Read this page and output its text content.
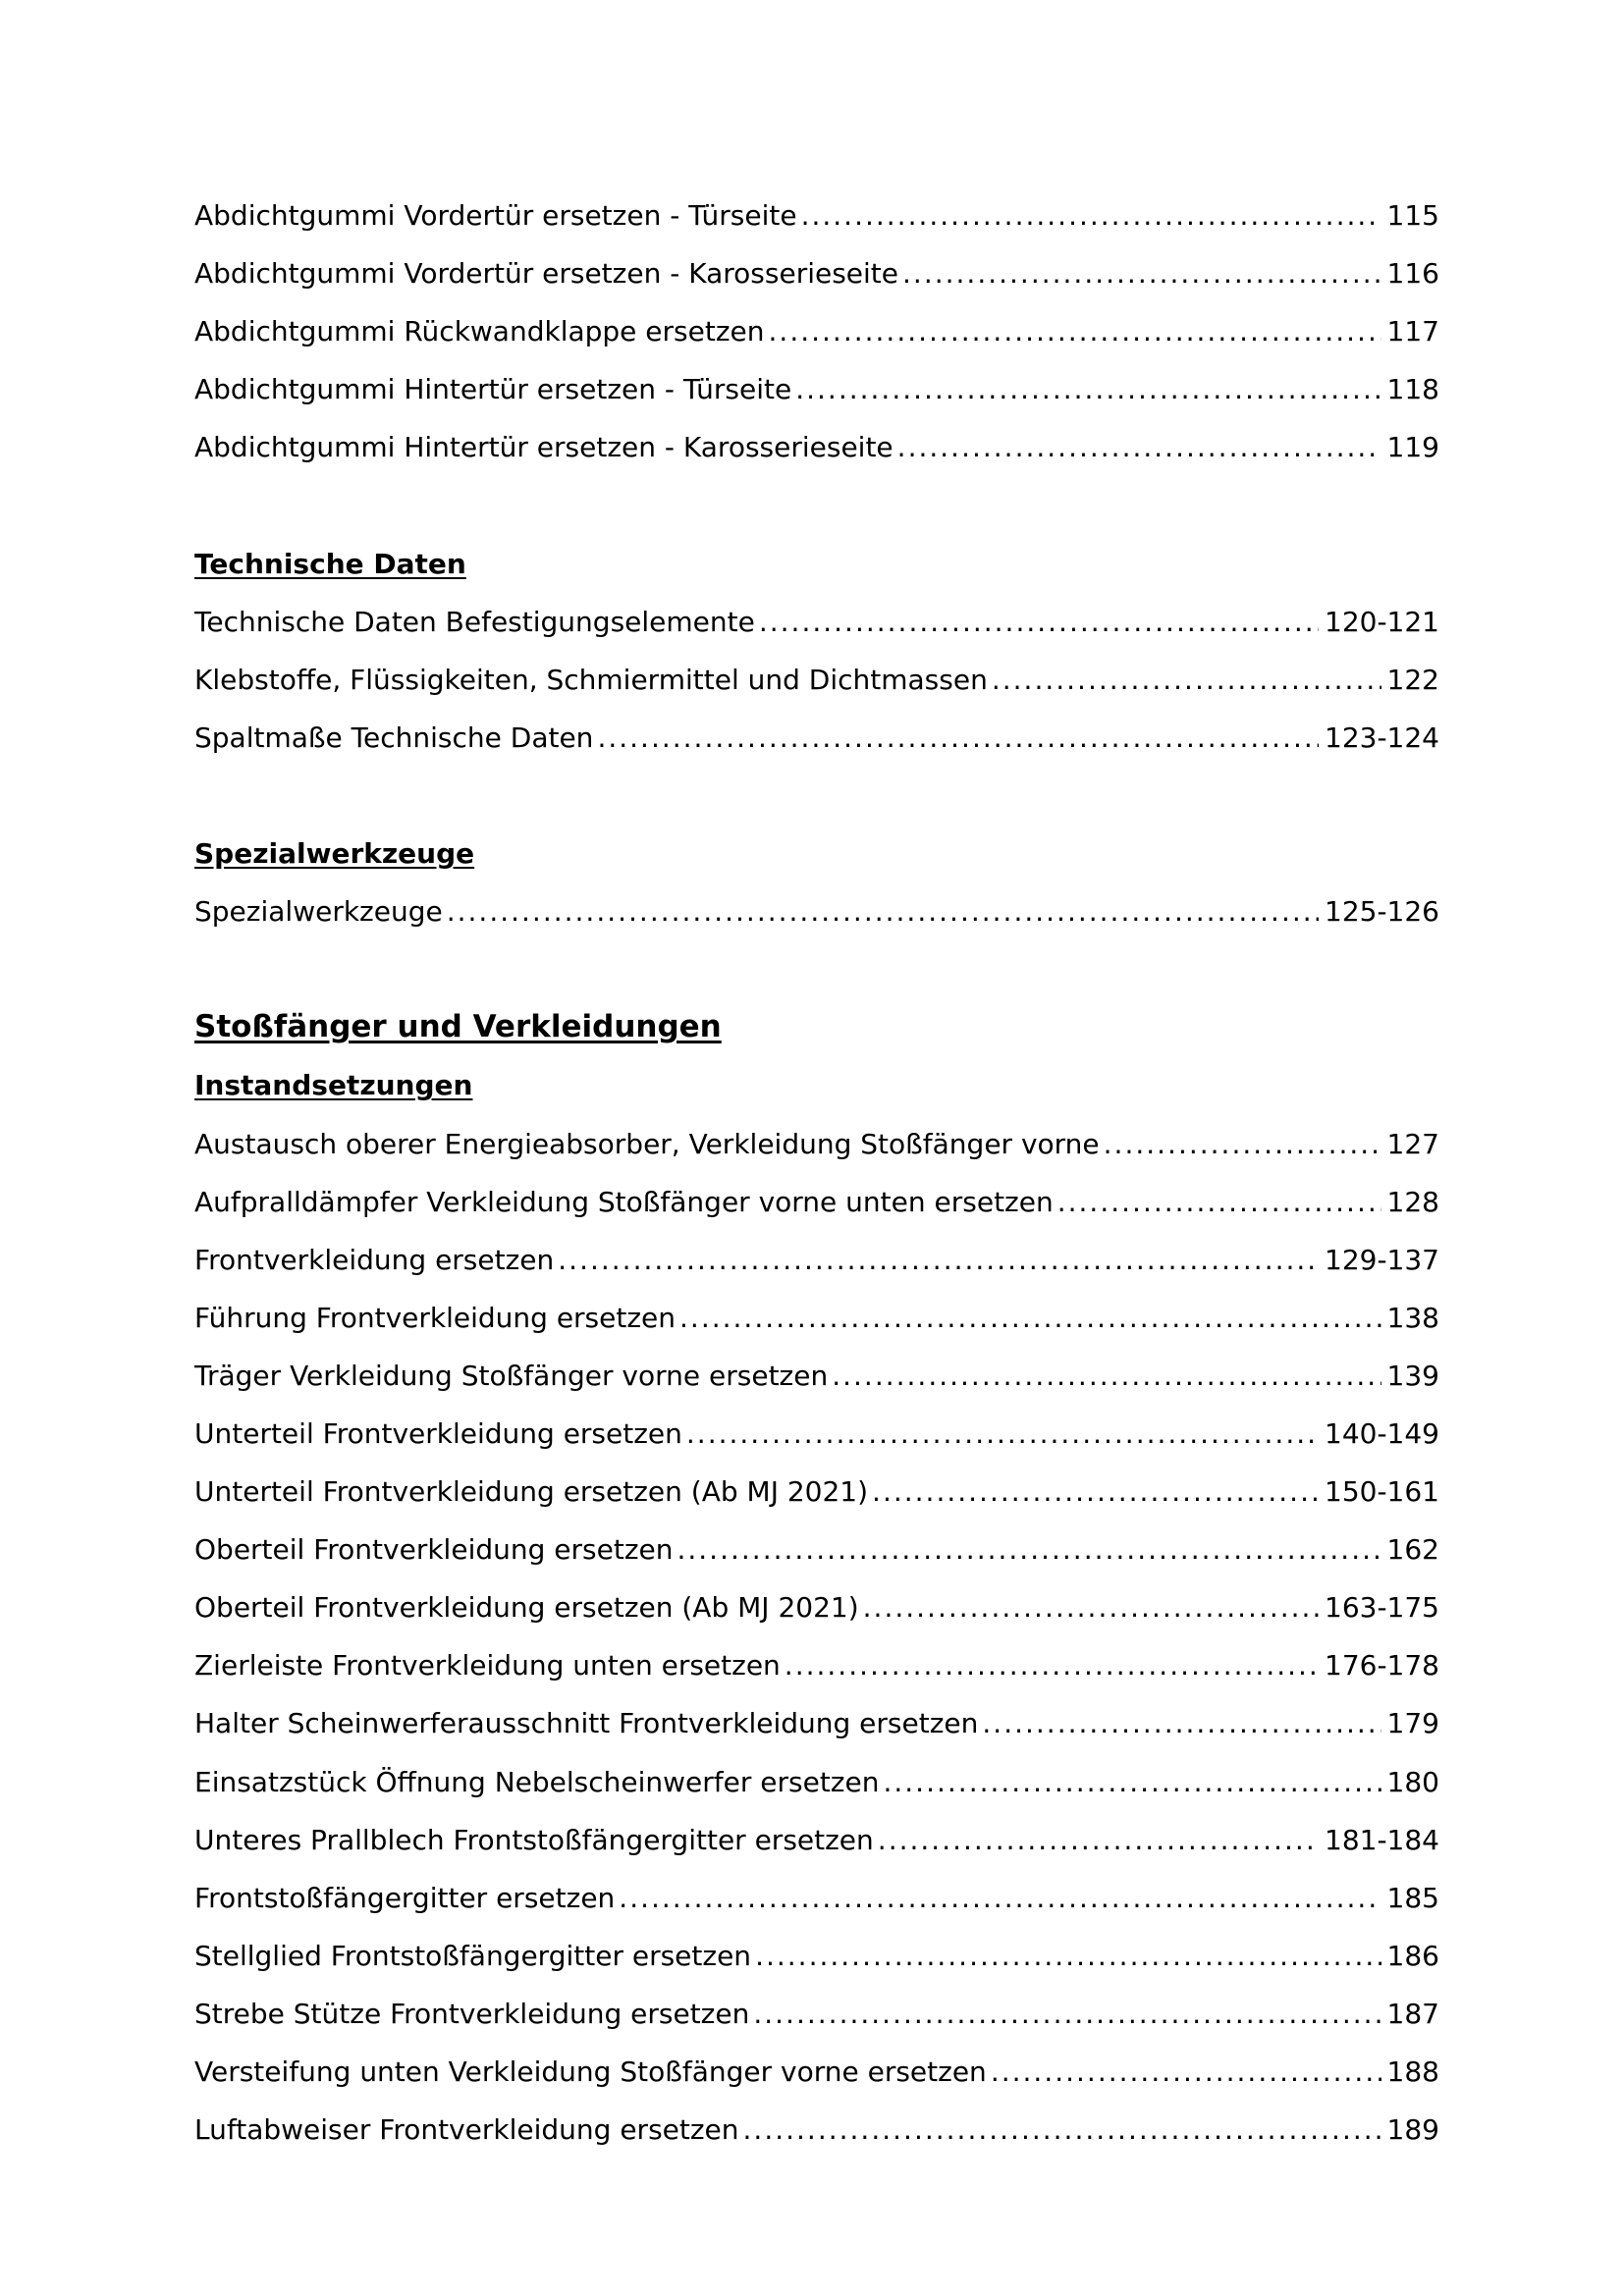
Abdichtgummi Vordertür ersetzen - Türseite .....	115
Abdichtgummi Vordertür ersetzen - Karosserieseite .....	116
Abdichtgummi Rückwandklappe ersetzen .....	117
Abdichtgummi Hintertür ersetzen - Türseite .....	118
Abdichtgummi Hintertür ersetzen - Karosserieseite .....	119
Technische Daten
Technische Daten Befestigungselemente .....	120-121
Klebstoffe, Flüssigkeiten, Schmiermittel und Dichtmassen .....	122
Spaltmaße Technische Daten .....	123-124
Spezialwerkzeuge
Spezialwerkzeuge .....	125-126
Stoßfänger und Verkleidungen
Instandsetzungen
Austausch oberer Energieabsorber, Verkleidung Stoßfänger vorne .....	127
Aufpralldämpfer Verkleidung Stoßfänger vorne unten ersetzen .....	128
Frontverkleidung ersetzen .....	129-137
Führung Frontverkleidung ersetzen .....	138
Träger Verkleidung Stoßfänger vorne ersetzen .....	139
Unterteil Frontverkleidung ersetzen .....	140-149
Unterteil Frontverkleidung ersetzen (Ab MJ 2021) .....	150-161
Oberteil Frontverkleidung ersetzen .....	162
Oberteil Frontverkleidung ersetzen (Ab MJ 2021) .....	163-175
Zierleiste Frontverkleidung unten ersetzen .....	176-178
Halter Scheinwerferausschnitt Frontverkleidung ersetzen .....	179
Einsatzstück Öffnung Nebelscheinwerfer ersetzen .....	180
Unteres Prallblech Frontstoßfängergitter ersetzen .....	181-184
Frontstoßfängergitter ersetzen .....	185
Stellglied Frontstoßfängergitter ersetzen .....	186
Strebe Stütze Frontverkleidung ersetzen .....	187
Versteifung unten Verkleidung Stoßfänger vorne ersetzen .....	188
Luftabweiser Frontverkleidung ersetzen .....	189
